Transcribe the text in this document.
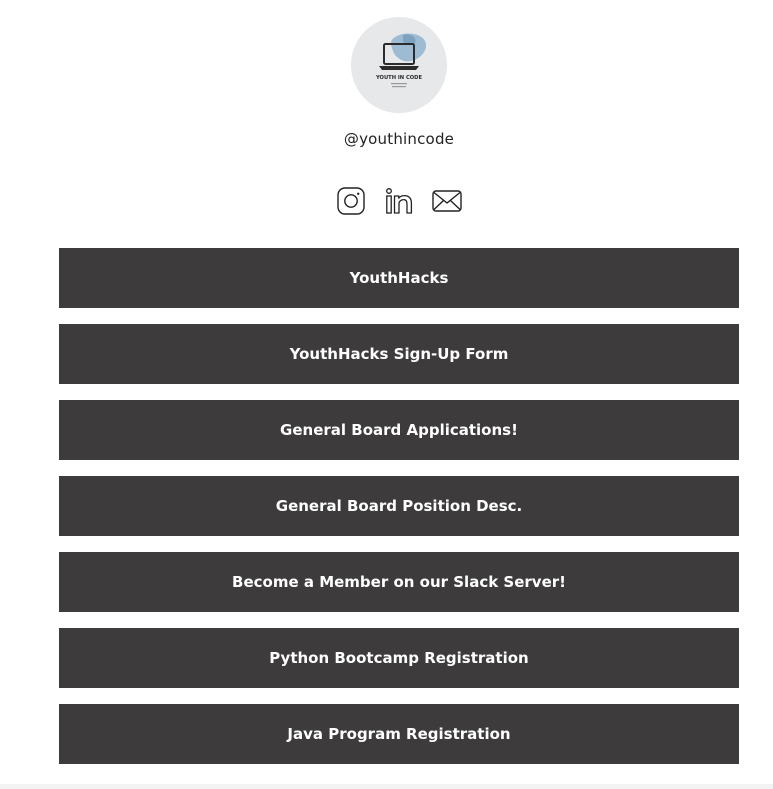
YOUTH IN CODE
@youthincode
YouthHacks
YouthHacks Sign-Up Form
General Board Applications!
General Board Position Desc.
Become a Member on our Slack Server!
Python Bootcamp Registration
Java Program Registration
